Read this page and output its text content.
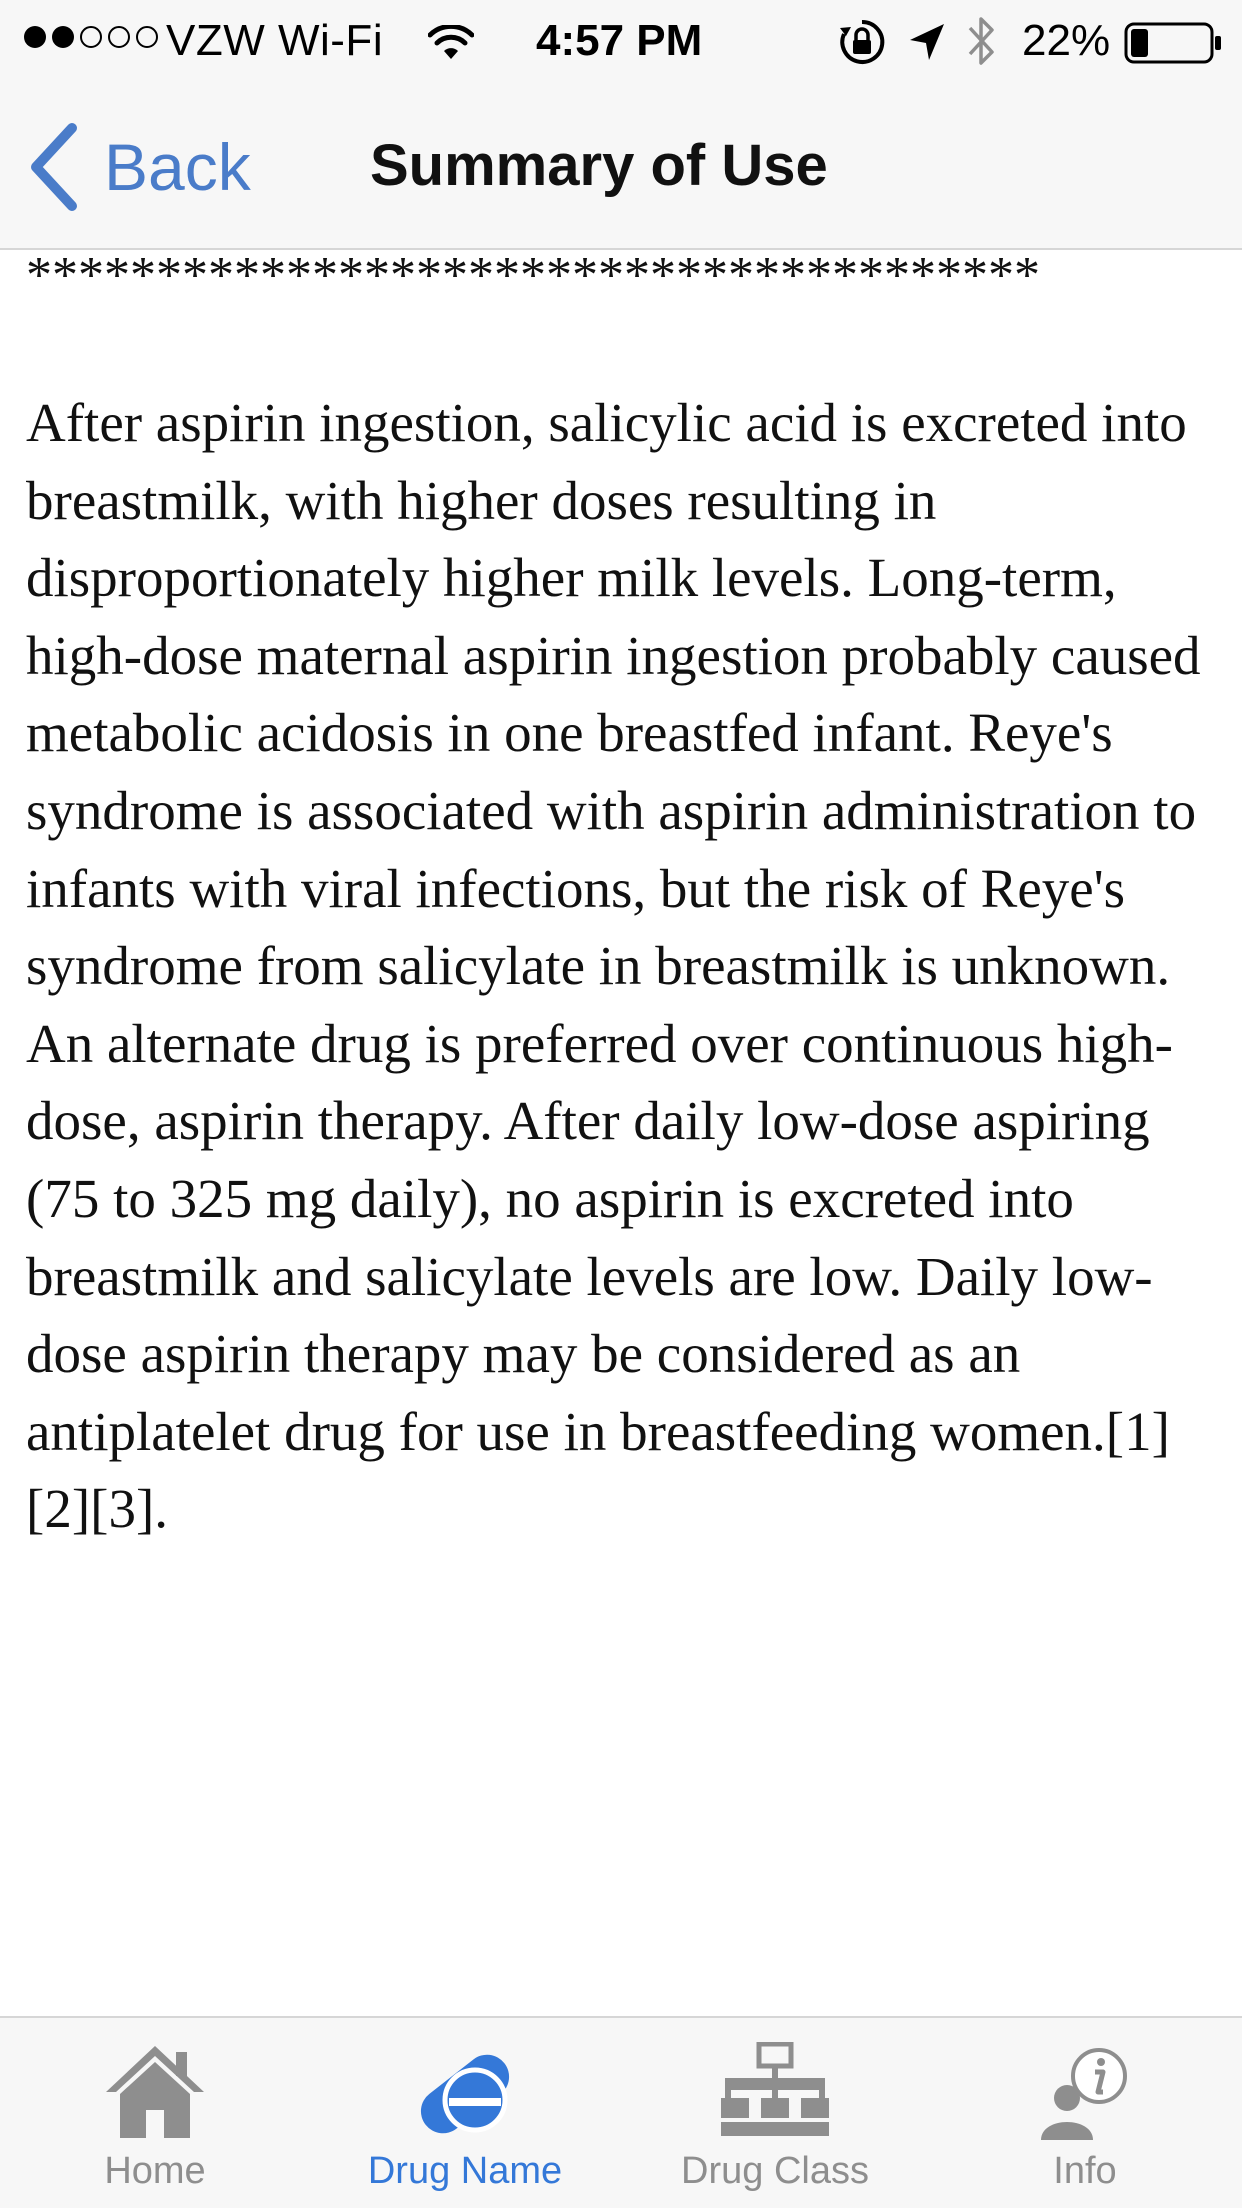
VZW Wi-Fi	4:57 PM	22%
Back Summary of Use
***************************************

After aspirin ingestion, salicylic acid is excreted into breastmilk, with higher doses resulting in disproportionately higher milk levels. Long-term, high-dose maternal aspirin ingestion probably caused metabolic acidosis in one breastfed infant. Reye's syndrome is associated with aspirin administration to infants with viral infections, but the risk of Reye's syndrome from salicylate in breastmilk is unknown. An alternate drug is preferred over continuous high-dose, aspirin therapy. After daily low-dose aspiring (75 to 325 mg daily), no aspirin is excreted into breastmilk and salicylate levels are low. Daily low-dose aspirin therapy may be considered as an antiplatelet drug for use in breastfeeding women.[1][2][3].

Home	Drug Name	Drug Class	Info
